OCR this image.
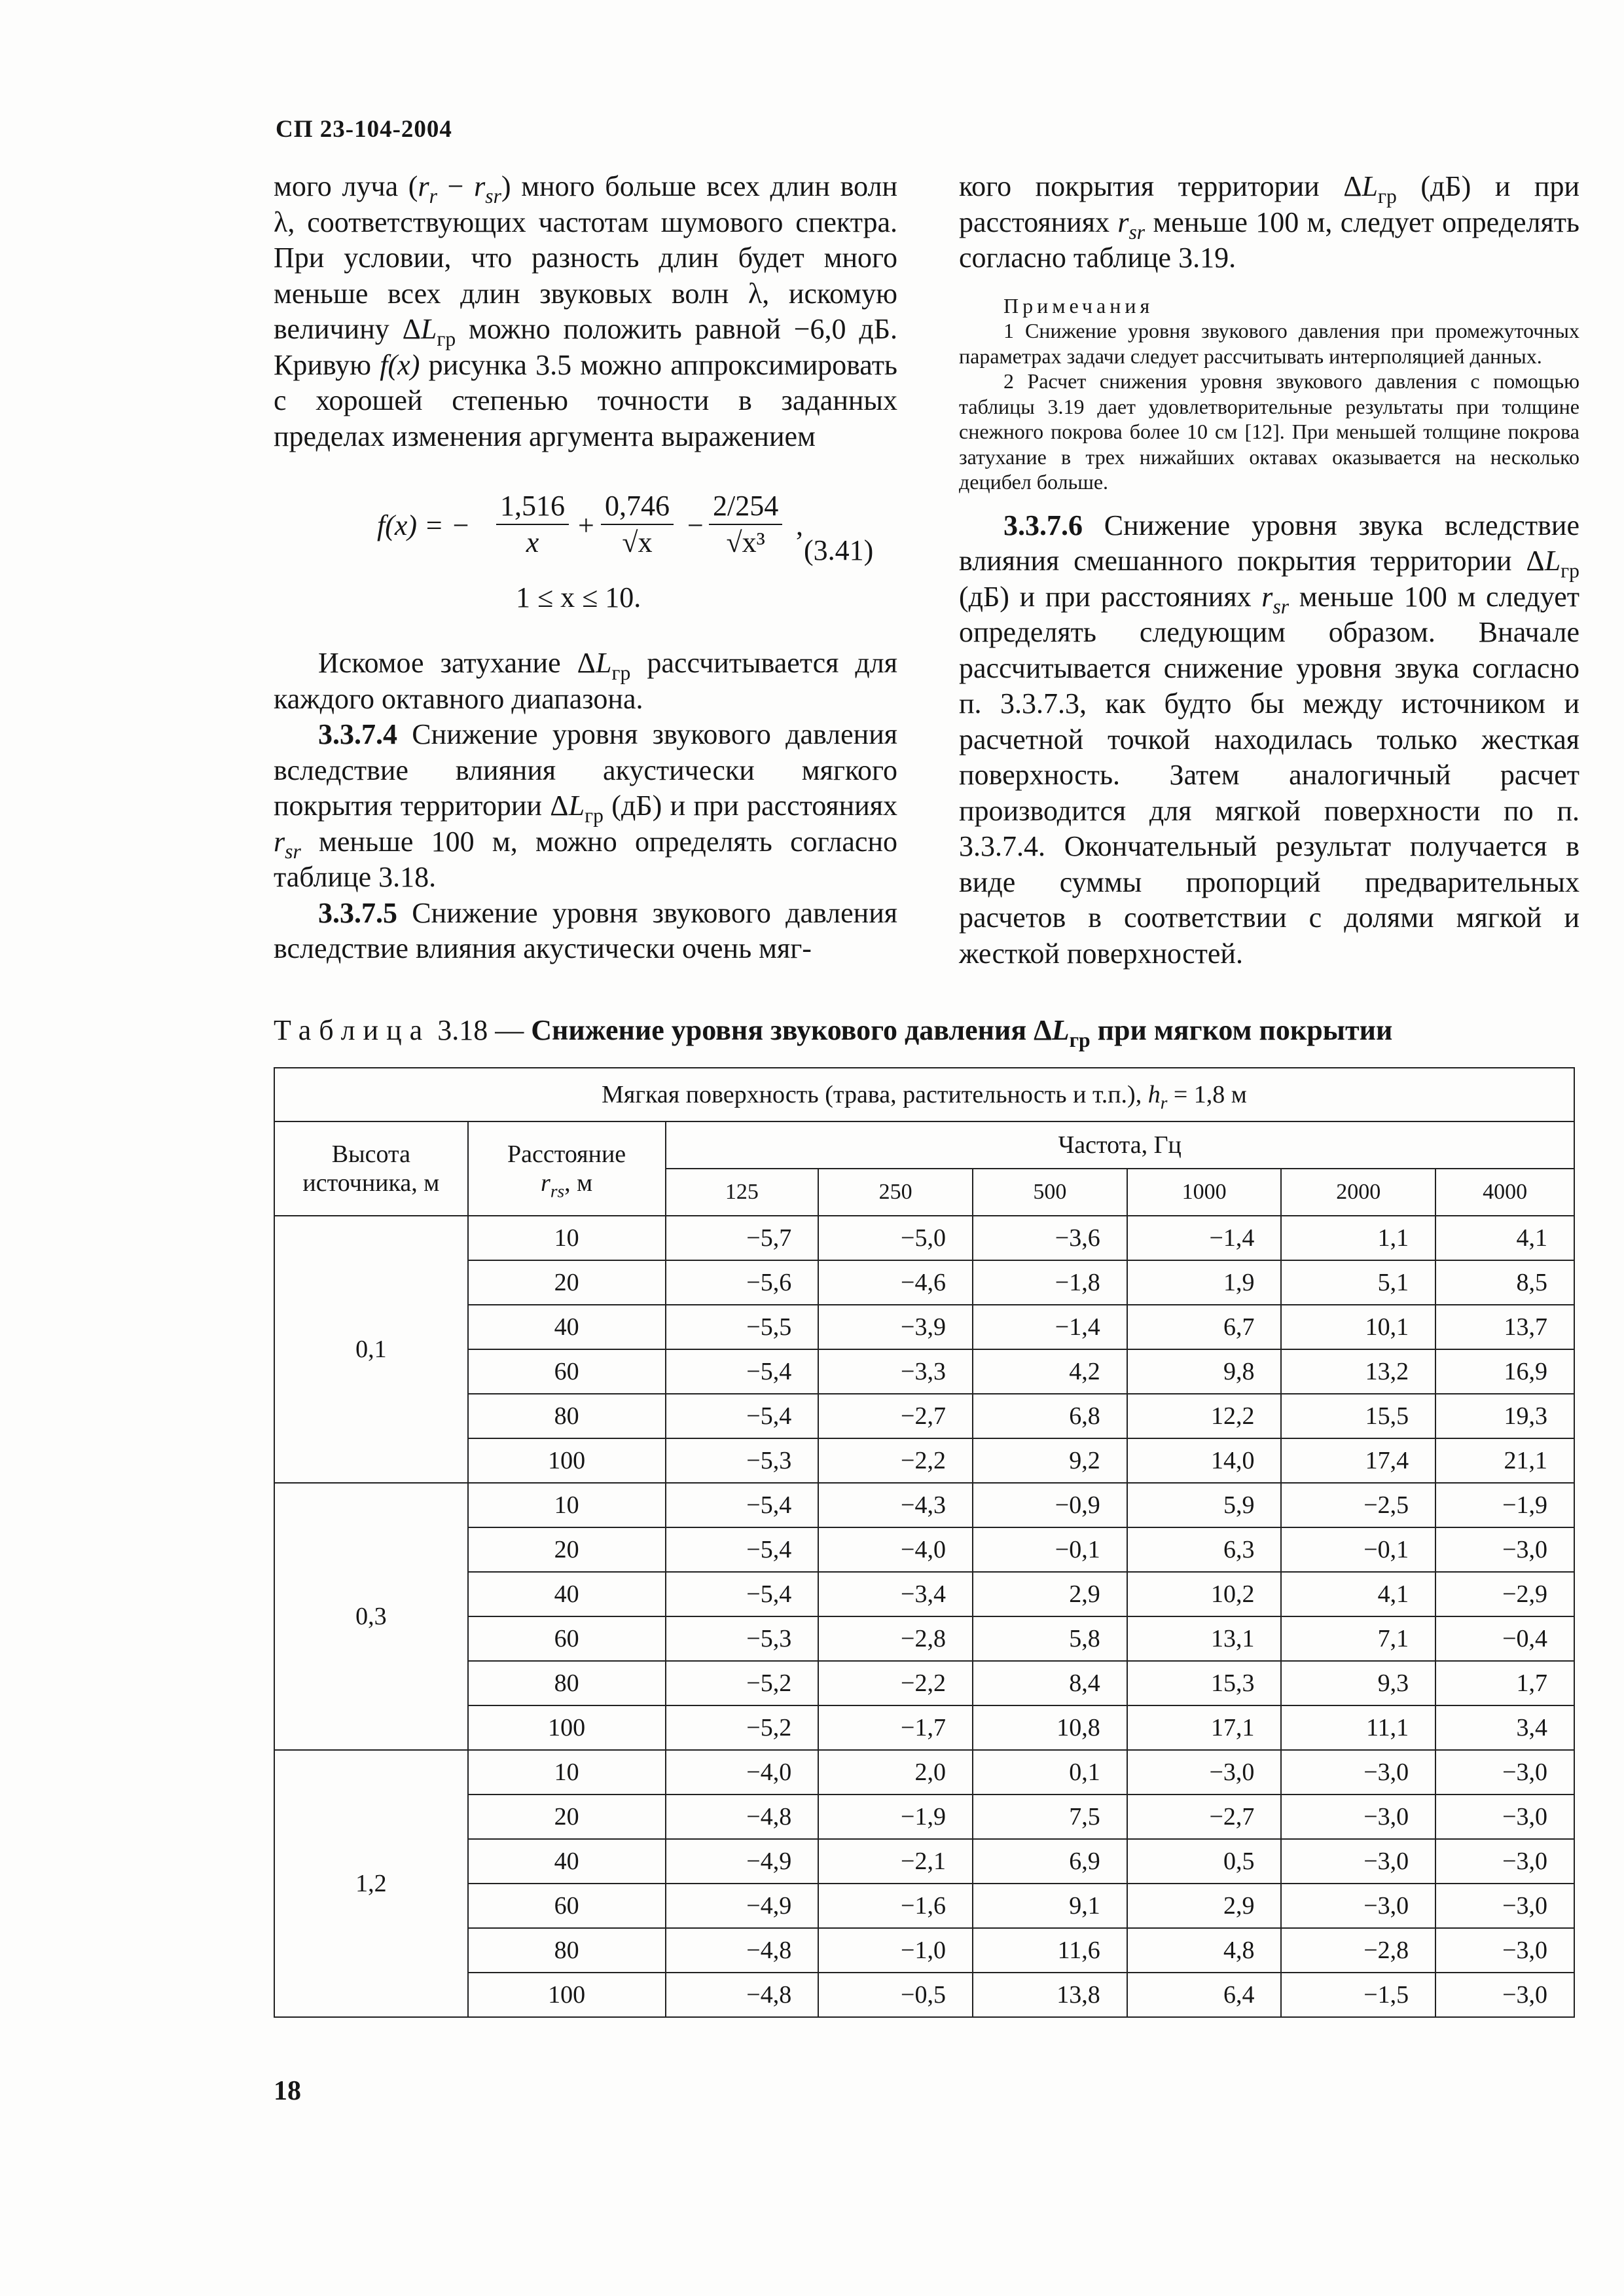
СП 23-104-2004

мого луча $(r_r - r_{sr})$ много больше всех длин волн λ, соответствующих частотам шумового спектра. При условии, что разность длин будет много меньше всех длин звуковых волн λ, искомую величину $\Delta L_{гр}$ можно положить равной −6,0 дБ. Кривую f(x) рисунка 3.5 можно аппроксимировать с хорошей степенью точности в заданных пределах изменения аргумента выражением

f(x) = − $\frac{1,516}{x} + \frac{0,746}{√x} - \frac{2/254}{\text{√x³}}$ ,
(3.41)
1 ≤ x ≤ 10.

Искомое затухание $\Delta L_{гр}$ рассчитывается для каждого октавного диапазона.

3.3.7.4 Снижение уровня звукового давления вследствие влияния акустически мягкого покрытия территории $\Delta L_{гр}$ (дБ) и при расстояниях $r_{sr}$ меньше 100 м, можно определять согласно таблице 3.18.

3.3.7.5 Снижение уровня звукового давления вследствие влияния акустически очень мяг-

кого покрытия территории $\Delta L_{гр}$ (дБ) и при расстояниях $r_{sr}$ меньше 100 м, следует определять согласно таблице 3.19.

Примечания

1 Снижение уровня звукового давления при промежуточных параметрах задачи следует рассчитывать интерполяцией данных.

2 Расчет снижения уровня звукового давления с помощью таблицы 3.19 дает удовлетворительные результаты при толщине снежного покрова более 10 см [12]. При меньшей толщине покрова затухание в трех нижайших октавах оказывается на несколько децибел больше.

3.3.7.6 Снижение уровня звука вследствие влияния смешанного покрытия территории $\Delta L_{гр}$ (дБ) и при расстояниях $r_{sr}$ меньше 100 м следует определять следующим образом. Вначале рассчитывается снижение уровня звука согласно п. 3.3.7.3, как будто бы между источником и расчетной точкой находилась только жесткая поверхность. Затем аналогичный расчет производится для мягкой поверхности по п. 3.3.7.4. Окончательный результат получается в виде суммы пропорций предварительных расчетов в соответствии с долями мягкой и жесткой поверхностей.

Таблица 3.18 — Снижение уровня звукового давления $\Delta L_{гр}$ при мягком покрытии
Мягкая поверхность (трава, растительность и т.п.), $h_r = 1,8$ м							
Высота
источника, м	Расстояние
$r_{rs}$, м	Частота, Гц					
		125	250	500	1000	2000	4000
0,1	10	−5,7	−5,0	−3,6	−1,4	1,1	4,1
	20	−5,6	−4,6	−1,8	1,9	5,1	8,5
	40	−5,5	−3,9	−1,4	6,7	10,1	13,7
	60	−5,4	−3,3	4,2	9,8	13,2	16,9
	80	−5,4	−2,7	6,8	12,2	15,5	19,3
	100	−5,3	−2,2	9,2	14,0	17,4	21,1
0,3	10	−5,4	−4,3	−0,9	5,9	−2,5	−1,9
	20	−5,4	−4,0	−0,1	6,3	−0,1	−3,0
	40	−5,4	−3,4	2,9	10,2	4,1	−2,9
	60	−5,3	−2,8	5,8	13,1	7,1	−0,4
	80	−5,2	−2,2	8,4	15,3	9,3	1,7
	100	−5,2	−1,7	10,8	17,1	11,1	3,4
1,2	10	−4,0	2,0	0,1	−3,0	−3,0	−3,0
	20	−4,8	−1,9	7,5	−2,7	−3,0	−3,0
	40	−4,9	−2,1	6,9	0,5	−3,0	−3,0
	60	−4,9	−1,6	9,1	2,9	−3,0	−3,0
	80	−4,8	−1,0	11,6	4,8	−2,8	−3,0
	100	−4,8	−0,5	13,8	6,4	−1,5	−3,0
18
